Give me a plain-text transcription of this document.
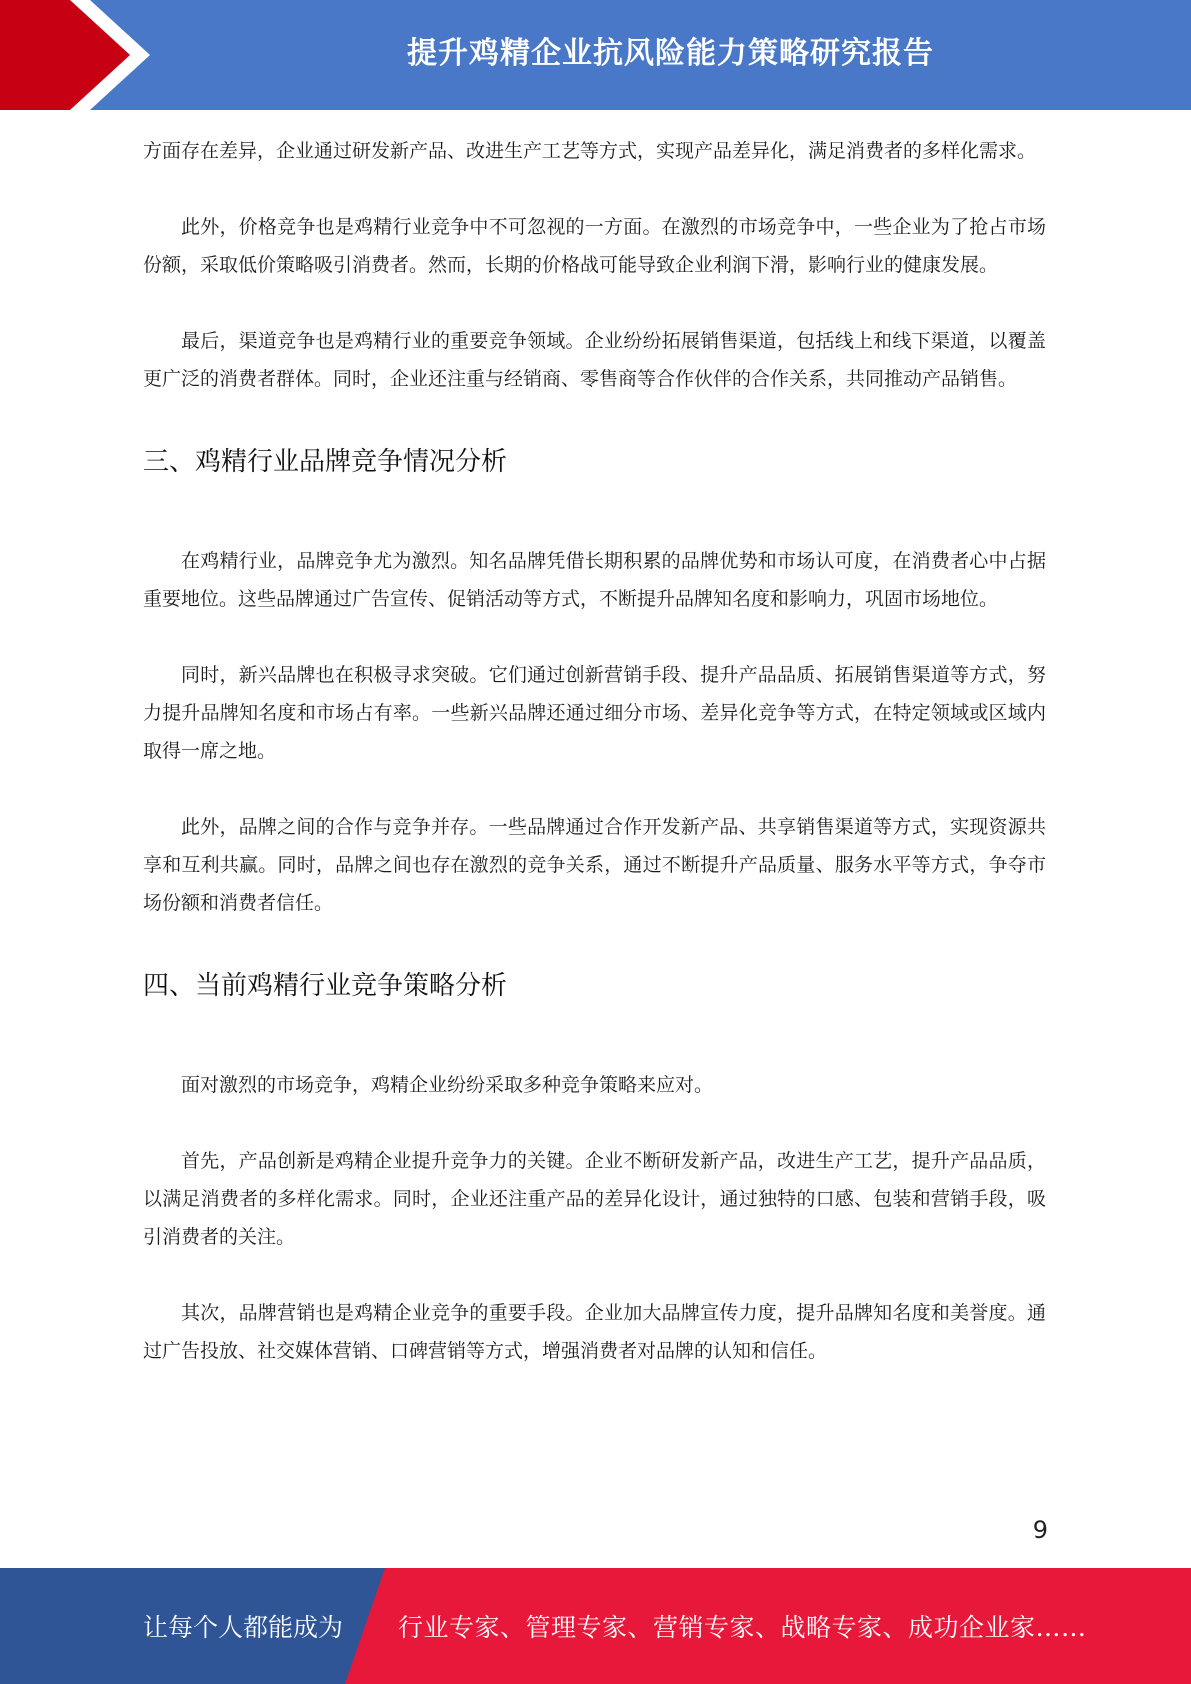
提升鸡精企业抗风险能力策略研究报告

方面存在差异，企业通过研发新产品、改进生产工艺等方式，实现产品差异化，满足消费者的多样化需求。

此外，价格竞争也是鸡精行业竞争中不可忽视的一方面。在激烈的市场竞争中，一些企业为了抢占市场份额，采取低价策略吸引消费者。然而，长期的价格战可能导致企业利润下滑，影响行业的健康发展。

最后，渠道竞争也是鸡精行业的重要竞争领域。企业纷纷拓展销售渠道，包括线上和线下渠道，以覆盖更广泛的消费者群体。同时，企业还注重与经销商、零售商等合作伙伴的合作关系，共同推动产品销售。

三、鸡精行业品牌竞争情况分析

在鸡精行业，品牌竞争尤为激烈。知名品牌凭借长期积累的品牌优势和市场认可度，在消费者心中占据重要地位。这些品牌通过广告宣传、促销活动等方式，不断提升品牌知名度和影响力，巩固市场地位。

同时，新兴品牌也在积极寻求突破。它们通过创新营销手段、提升产品品质、拓展销售渠道等方式，努力提升品牌知名度和市场占有率。一些新兴品牌还通过细分市场、差异化竞争等方式，在特定领域或区域内取得一席之地。

此外，品牌之间的合作与竞争并存。一些品牌通过合作开发新产品、共享销售渠道等方式，实现资源共享和互利共赢。同时，品牌之间也存在激烈的竞争关系，通过不断提升产品质量、服务水平等方式，争夺市场份额和消费者信任。

四、当前鸡精行业竞争策略分析

面对激烈的市场竞争，鸡精企业纷纷采取多种竞争策略来应对。

首先，产品创新是鸡精企业提升竞争力的关键。企业不断研发新产品，改进生产工艺，提升产品品质，以满足消费者的多样化需求。同时，企业还注重产品的差异化设计，通过独特的口感、包装和营销手段，吸引消费者的关注。

其次，品牌营销也是鸡精企业竞争的重要手段。企业加大品牌宣传力度，提升品牌知名度和美誉度。通过广告投放、社交媒体营销、口碑营销等方式，增强消费者对品牌的认知和信任。

9
让每个人都能成为 行业专家、管理专家、营销专家、战略专家、成功企业家……
